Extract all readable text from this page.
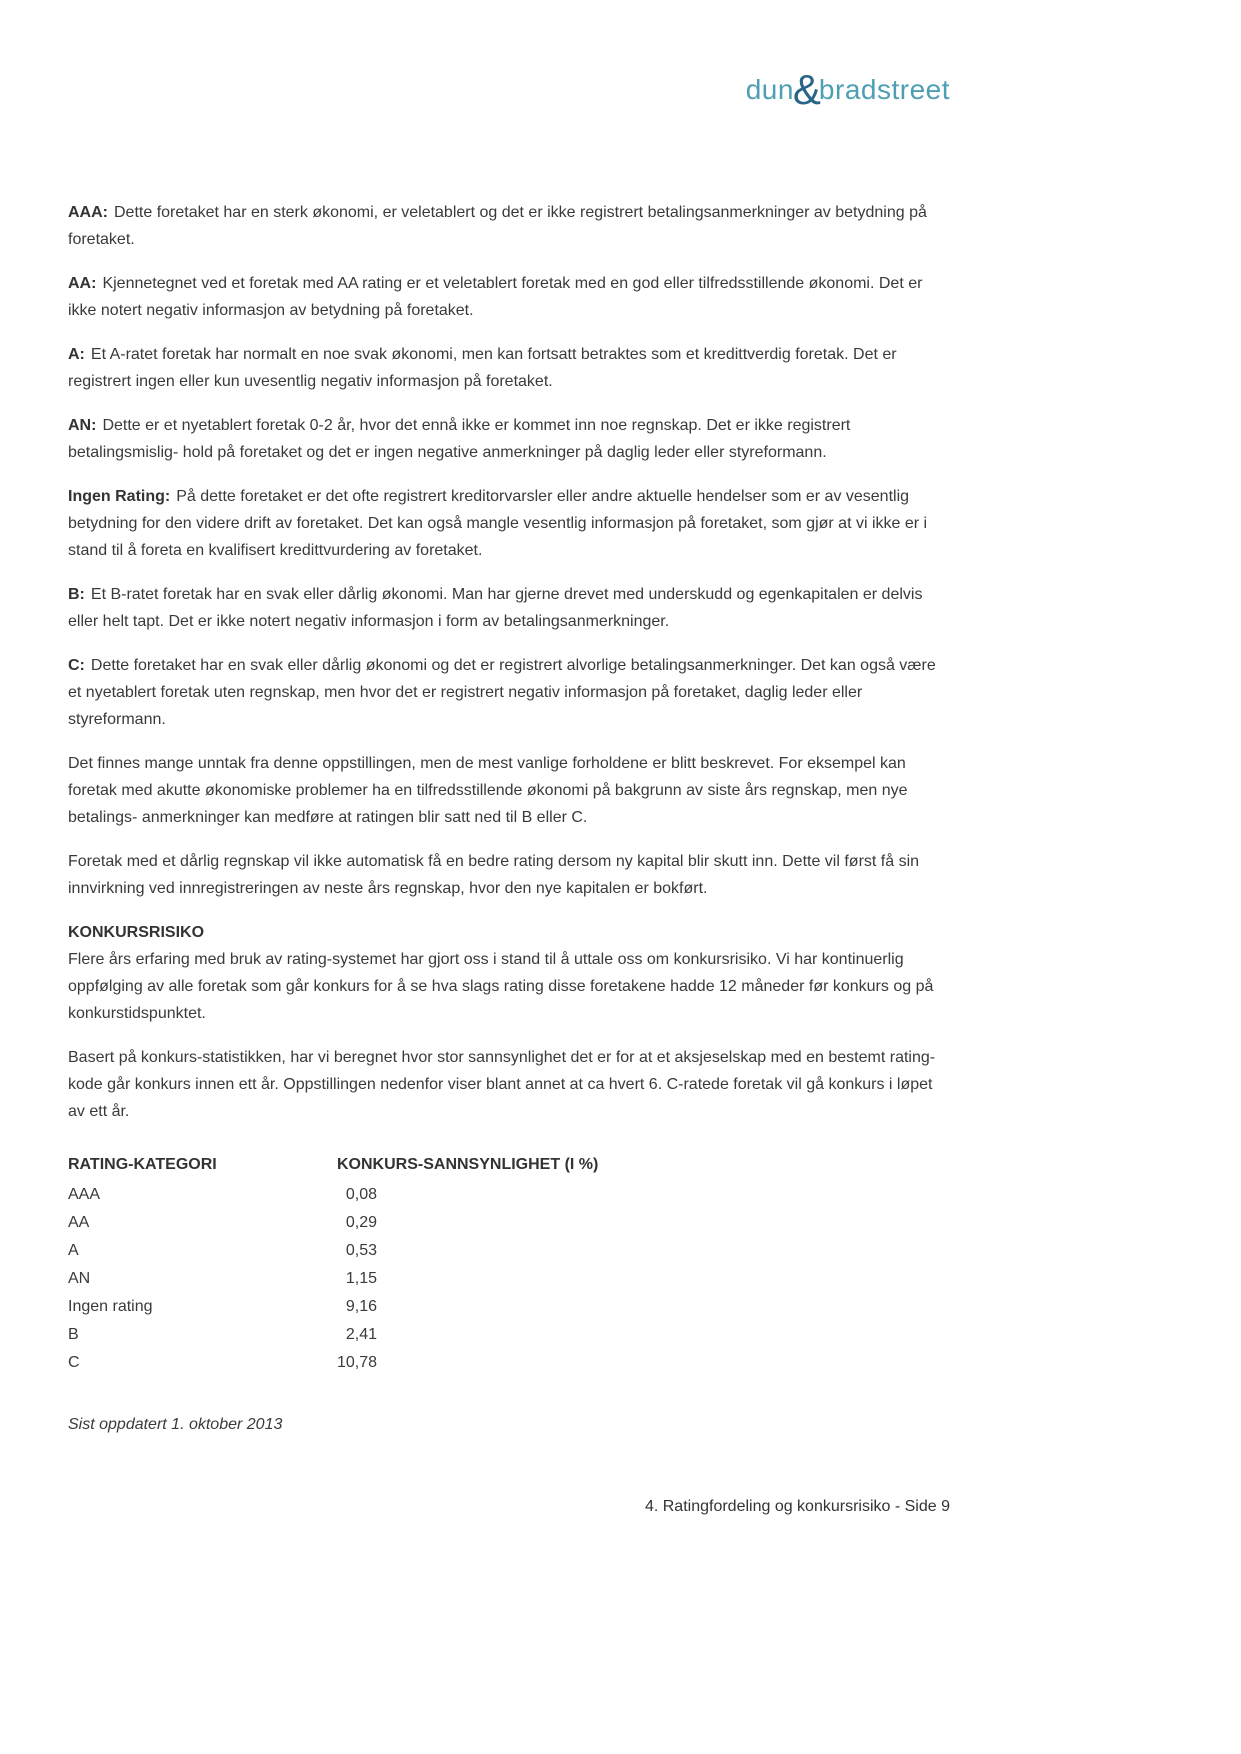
dun&bradstreet

AAA: Dette foretaket har en sterk økonomi, er veletablert og det er ikke registrert betalingsanmerkninger av betydning på foretaket.

AA: Kjennetegnet ved et foretak med AA rating er et veletablert foretak med en god eller tilfredsstillende økonomi. Det er ikke notert negativ informasjon av betydning på foretaket.

A: Et A-ratet foretak har normalt en noe svak økonomi, men kan fortsatt betraktes som et kredittverdig foretak. Det er registrert ingen eller kun uvesentlig negativ informasjon på foretaket.

AN: Dette er et nyetablert foretak 0-2 år, hvor det ennå ikke er kommet inn noe regnskap. Det er ikke registrert betalingsmislig- hold på foretaket og det er ingen negative anmerkninger på daglig leder eller styreformann.

Ingen Rating: På dette foretaket er det ofte registrert kreditorvarsler eller andre aktuelle hendelser som er av vesentlig betydning for den videre drift av foretaket. Det kan også mangle vesentlig informasjon på foretaket, som gjør at vi ikke er i stand til å foreta en kvalifisert kredittvurdering av foretaket.

B: Et B-ratet foretak har en svak eller dårlig økonomi. Man har gjerne drevet med underskudd og egenkapitalen er delvis eller helt tapt. Det er ikke notert negativ informasjon i form av betalingsanmerkninger.

C: Dette foretaket har en svak eller dårlig økonomi og det er registrert alvorlige betalingsanmerkninger. Det kan også være et nyetablert foretak uten regnskap, men hvor det er registrert negativ informasjon på foretaket, daglig leder eller styreformann.

Det finnes mange unntak fra denne oppstillingen, men de mest vanlige forholdene er blitt beskrevet. For eksempel kan foretak med akutte økonomiske problemer ha en tilfredsstillende økonomi på bakgrunn av siste års regnskap, men nye betalings- anmerkninger kan medføre at ratingen blir satt ned til B eller C.

Foretak med et dårlig regnskap vil ikke automatisk få en bedre rating dersom ny kapital blir skutt inn. Dette vil først få sin innvirkning ved innregistreringen av neste års regnskap, hvor den nye kapitalen er bokført.

KONKURSRISIKO

Flere års erfaring med bruk av rating-systemet har gjort oss i stand til å uttale oss om konkursrisiko. Vi har kontinuerlig oppfølging av alle foretak som går konkurs for å se hva slags rating disse foretakene hadde 12 måneder før konkurs og på konkurstidspunktet.

Basert på konkurs-statistikken, har vi beregnet hvor stor sannsynlighet det er for at et aksjeselskap med en bestemt rating-kode går konkurs innen ett år. Oppstillingen nedenfor viser blant annet at ca hvert 6. C-ratede foretak vil gå konkurs i løpet av ett år.

RATING-KATEGORI	KONKURS-SANNSYNLIGHET (I %)
AAA	0,08
AA	0,29
A	0,53
AN	1,15
Ingen rating	9,16
B	2,41
C	10,78
Sist oppdatert 1. oktober 2013
4. Ratingfordeling og konkursrisiko - Side 9
